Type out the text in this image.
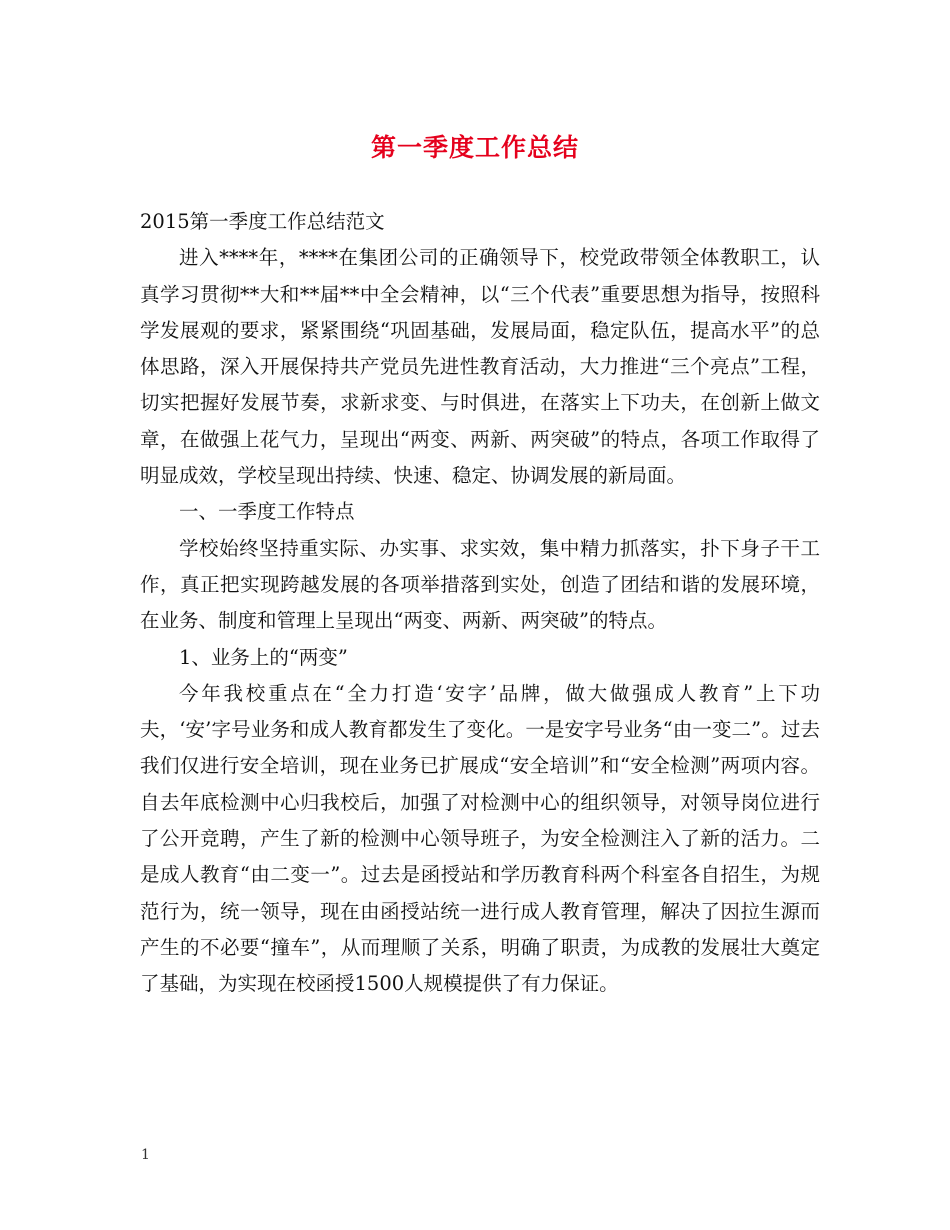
第一季度工作总结

2015第一季度工作总结范文

进入****年，****在集团公司的正确领导下，校党政带领全体教职工，认真学习贯彻**大和**届**中全会精神，以“三个代表”重要思想为指导，按照科学发展观的要求，紧紧围绕“巩固基础，发展局面，稳定队伍，提高水平”的总体思路，深入开展保持共产党员先进性教育活动，大力推进“三个亮点”工程，切实把握好发展节奏，求新求变、与时俱进，在落实上下功夫，在创新上做文章，在做强上花气力，呈现出“两变、两新、两突破”的特点，各项工作取得了明显成效，学校呈现出持续、快速、稳定、协调发展的新局面。

一、一季度工作特点

学校始终坚持重实际、办实事、求实效，集中精力抓落实，扑下身子干工作，真正把实现跨越发展的各项举措落到实处，创造了团结和谐的发展环境，在业务、制度和管理上呈现出“两变、两新、两突破”的特点。

1、业务上的“两变”

今年我校重点在“全力打造‘安字’品牌，做大做强成人教育”上下功夫，‘安’字号业务和成人教育都发生了变化。一是安字号业务“由一变二”。过去我们仅进行安全培训，现在业务已扩展成“安全培训”和“安全检测”两项内容。自去年底检测中心归我校后，加强了对检测中心的组织领导，对领导岗位进行了公开竞聘，产生了新的检测中心领导班子，为安全检测注入了新的活力。二是成人教育“由二变一”。过去是函授站和学历教育科两个科室各自招生，为规范行为，统一领导，现在由函授站统一进行成人教育管理，解决了因拉生源而产生的不必要“撞车”，从而理顺了关系，明确了职责，为成教的发展壮大奠定了基础，为实现在校函授1500人规模提供了有力保证。

1
